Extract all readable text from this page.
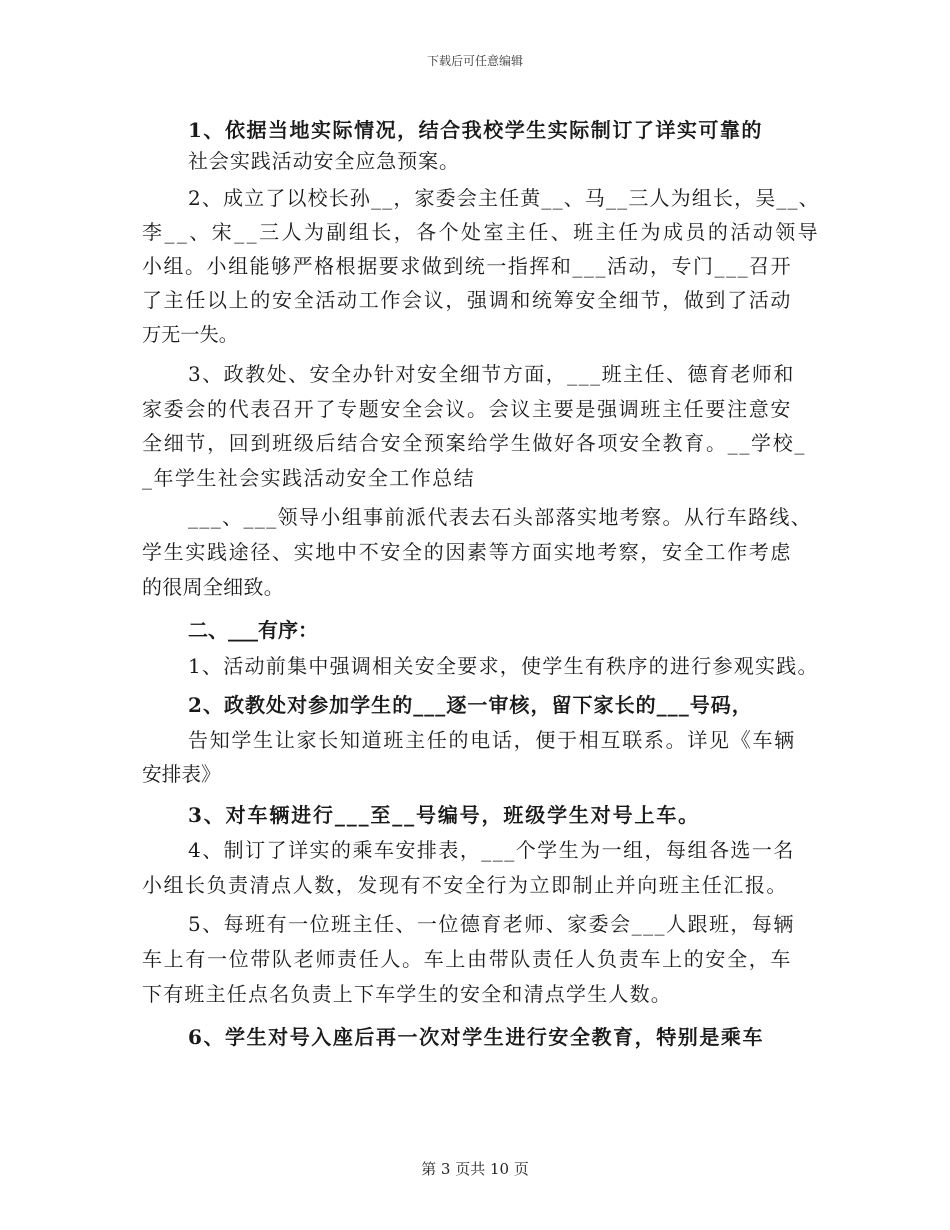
下载后可任意编辑
1、依据当地实际情况，结合我校学生实际制订了详实可靠的
社会实践活动安全应急预案。
2、成立了以校长孙__，家委会主任黄__、马__三人为组长，吴__、
李__、宋__三人为副组长，各个处室主任、班主任为成员的活动领导
小组。小组能够严格根据要求做到统一指挥和___活动，专门___召开
了主任以上的安全活动工作会议，强调和统筹安全细节，做到了活动
万无一失。
3、政教处、安全办针对安全细节方面，___班主任、德育老师和
家委会的代表召开了专题安全会议。会议主要是强调班主任要注意安
全细节，回到班级后结合安全预案给学生做好各项安全教育。__学校_
_年学生社会实践活动安全工作总结
___、___领导小组事前派代表去石头部落实地考察。从行车路线、
学生实践途径、实地中不安全的因素等方面实地考察，安全工作考虑
的很周全细致。
二、___有序：
1、活动前集中强调相关安全要求，使学生有秩序的进行参观实践。
2、政教处对参加学生的___逐一审核，留下家长的___号码，
告知学生让家长知道班主任的电话，便于相互联系。详见《车辆
安排表》
3、对车辆进行___至__号编号，班级学生对号上车。
4、制订了详实的乘车安排表，___个学生为一组，每组各选一名
小组长负责清点人数，发现有不安全行为立即制止并向班主任汇报。
5、每班有一位班主任、一位德育老师、家委会___人跟班，每辆
车上有一位带队老师责任人。车上由带队责任人负责车上的安全，车
下有班主任点名负责上下车学生的安全和清点学生人数。
6、学生对号入座后再一次对学生进行安全教育，特别是乘车
第 3 页共 10 页
